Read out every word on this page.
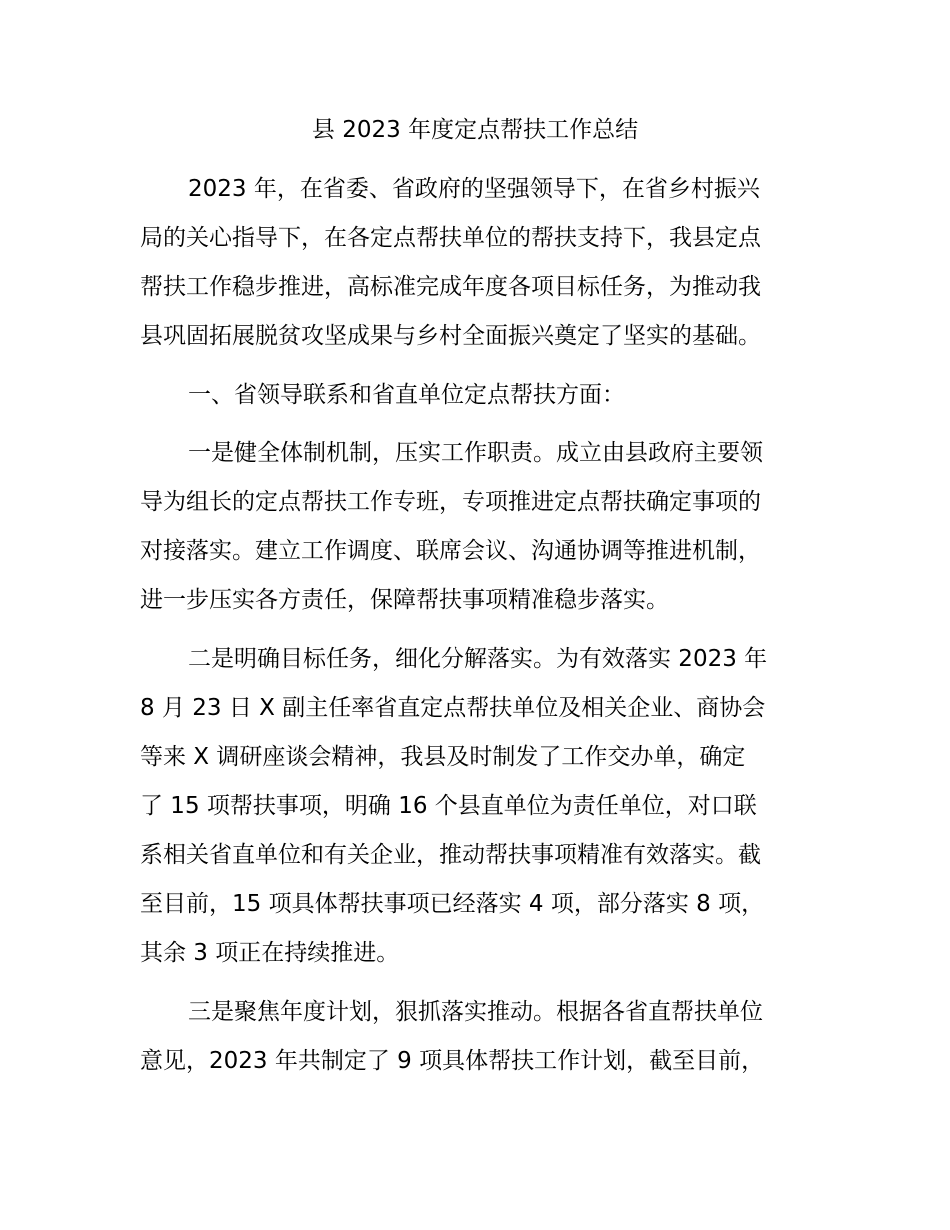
县 2023 年度定点帮扶工作总结

2023 年，在省委、省政府的坚强领导下，在省乡村振兴

局的关心指导下，在各定点帮扶单位的帮扶支持下，我县定点

帮扶工作稳步推进，高标准完成年度各项目标任务，为推动我

县巩固拓展脱贫攻坚成果与乡村全面振兴奠定了坚实的基础。

一、省领导联系和省直单位定点帮扶方面：

一是健全体制机制，压实工作职责。成立由县政府主要领

导为组长的定点帮扶工作专班，专项推进定点帮扶确定事项的

对接落实。建立工作调度、联席会议、沟通协调等推进机制，

进一步压实各方责任，保障帮扶事项精准稳步落实。

二是明确目标任务，细化分解落实。为有效落实 2023 年

8 月 23 日 X 副主任率省直定点帮扶单位及相关企业、商协会

等来 X 调研座谈会精神，我县及时制发了工作交办单，确定

了 15 项帮扶事项，明确 16 个县直单位为责任单位，对口联

系相关省直单位和有关企业，推动帮扶事项精准有效落实。截

至目前，15 项具体帮扶事项已经落实 4 项，部分落实 8 项，

其余 3 项正在持续推进。

三是聚焦年度计划，狠抓落实推动。根据各省直帮扶单位

意见，2023 年共制定了 9 项具体帮扶工作计划，截至目前，
